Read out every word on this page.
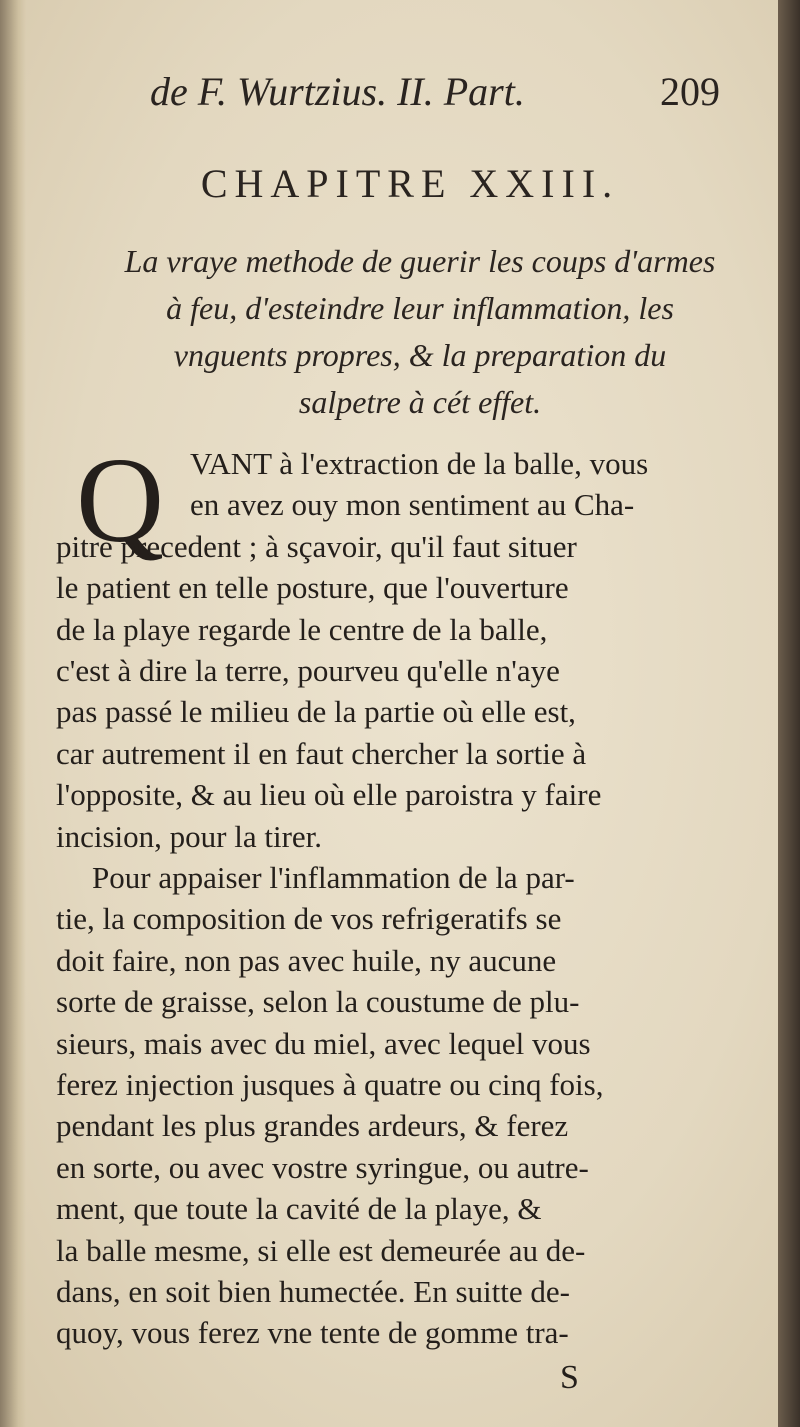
de F. Wurtzius. II. Part.	209
CHAPITRE XXIII.
La vraye methode de guerir les coups d'armes
à feu, d'esteindre leur inflammation, les
vnguents propres, & la preparation du
salpetre à cét effet.
Q VANT à l'extraction de la balle, vous
en avez ouy mon sentiment au Cha-
pitre precedent ; à sçavoir, qu'il faut situer
le patient en telle posture, que l'ouverture
de la playe regarde le centre de la balle,
c'est à dire la terre, pourveu qu'elle n'aye
pas passé le milieu de la partie où elle est,
car autrement il en faut chercher la sortie à
l'opposite, & au lieu où elle paroistra y faire
incision, pour la tirer.
Pour appaiser l'inflammation de la par-
tie, la composition de vos refrigeratifs se
doit faire, non pas avec huile, ny aucune
sorte de graisse, selon la coustume de plu-
sieurs, mais avec du miel, avec lequel vous
ferez injection jusques à quatre ou cinq fois,
pendant les plus grandes ardeurs, & ferez
en sorte, ou avec vostre syringue, ou autre-
ment, que toute la cavité de la playe, &
la balle mesme, si elle est demeurée au de-
dans, en soit bien humectée. En suitte de-
quoy, vous ferez vne tente de gomme tra-
S
